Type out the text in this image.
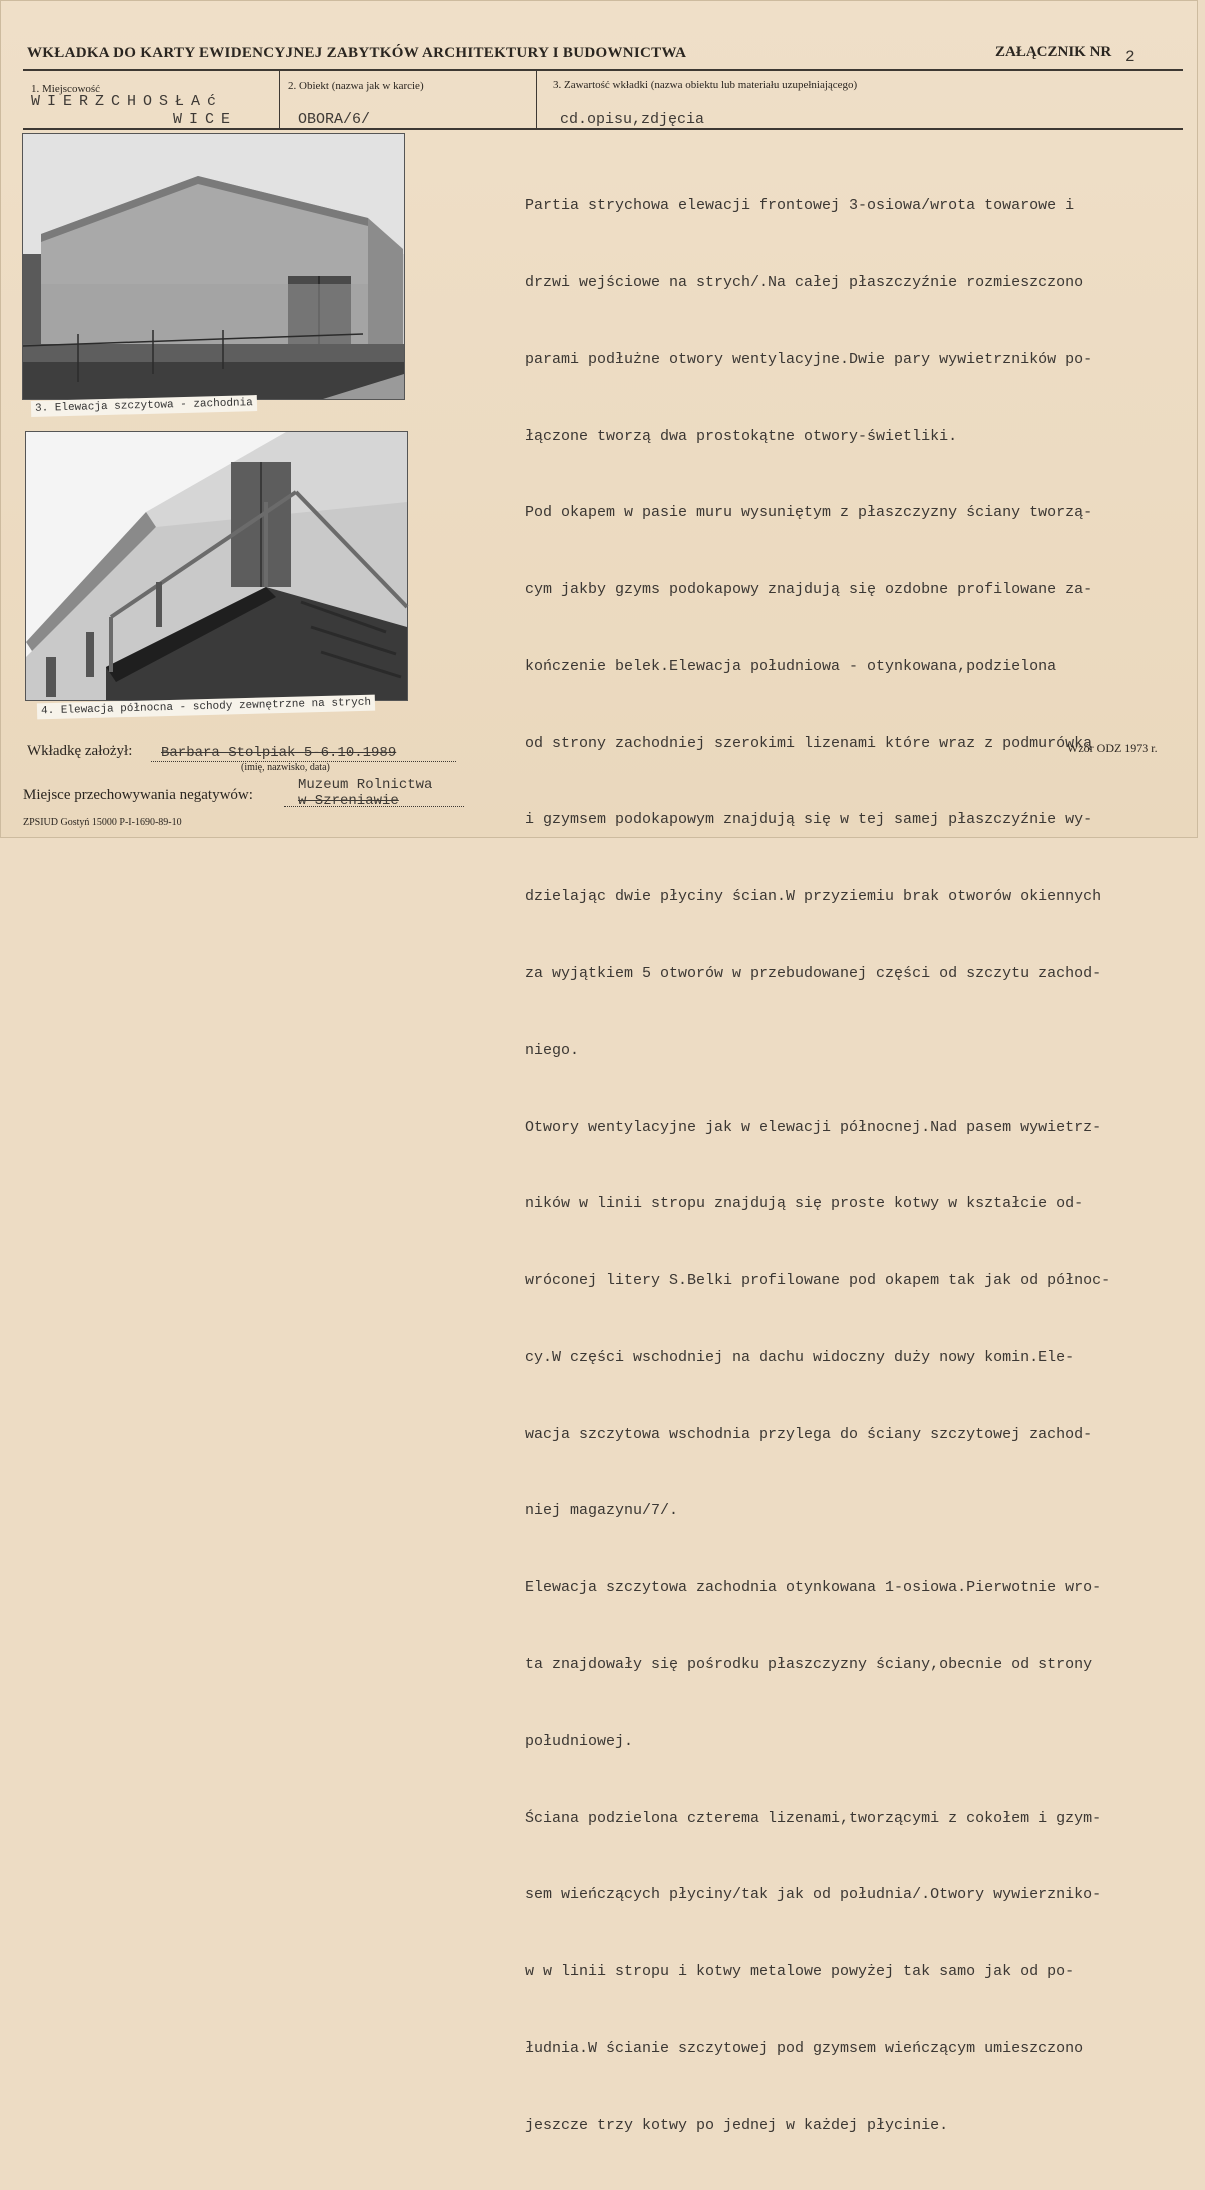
WKŁADKA DO KARTY EWIDENCYJNEJ ZABYTKÓW ARCHITEKTURY I BUDOWNICTWA	ZAŁĄCZNIK NR 2
1. Miejscowość
WIERZCHOSŁAć
WICE
2. Obiekt (nazwa jak w karcie)
OBORA/6/
3. Zawartość wkładki (nazwa obiektu lub materiału uzupełniającego)
cd.opisu,zdjęcia
3. Elewacja szczytowa - zachodnia
4. Elewacja północna - schody zewnętrzne na strych

Partia strychowa elewacji frontowej 3-osiowa/wrota towarowe i

drzwi wejściowe na strych/.Na całej płaszczyźnie rozmieszczono

parami podłużne otwory wentylacyjne.Dwie pary wywietrzników po-

łączone tworzą dwa prostokątne otwory-świetliki.

Pod okapem w pasie muru wysuniętym z płaszczyzny ściany tworzą-

cym jakby gzyms podokapowy znajdują się ozdobne profilowane za-

kończenie belek.Elewacja południowa - otynkowana,podzielona

od strony zachodniej szerokimi lizenami które wraz z podmurówką

i gzymsem podokapowym znajdują się w tej samej płaszczyźnie wy-

dzielając dwie płyciny ścian.W przyziemiu brak otworów okiennych

za wyjątkiem 5 otworów w przebudowanej części od szczytu zachod-

niego.

Otwory wentylacyjne jak w elewacji północnej.Nad pasem wywietrz-

ników w linii stropu znajdują się proste kotwy w kształcie od-

wróconej litery S.Belki profilowane pod okapem tak jak od północ-

cy.W części wschodniej na dachu widoczny duży nowy komin.Ele-

wacja szczytowa wschodnia przylega do ściany szczytowej zachod-

niej magazynu/7/.

Elewacja szczytowa zachodnia otynkowana 1-osiowa.Pierwotnie wro-

ta znajdowały się pośrodku płaszczyzny ściany,obecnie od strony

południowej.

Ściana podzielona czterema lizenami,tworzącymi z cokołem i gzym-

sem wieńczących płyciny/tak jak od południa/.Otwory wywierzniko-

w w linii stropu i kotwy metalowe powyżej tak samo jak od po-

łudnia.W ścianie szczytowej pod gzymsem wieńczącym umieszczono

jeszcze trzy kotwy po jednej w każdej płycinie.

Wkładkę założył: Barbara Stolpiak 5-6.10.1989
(imię, nazwisko, data)
Wzór ODZ 1973 r.
Miejsce przechowywania negatywów:
Muzeum Rolnictwa
w Szreniawie
ZPSIUD Gostyń 15000 P-I-1690-89-10
